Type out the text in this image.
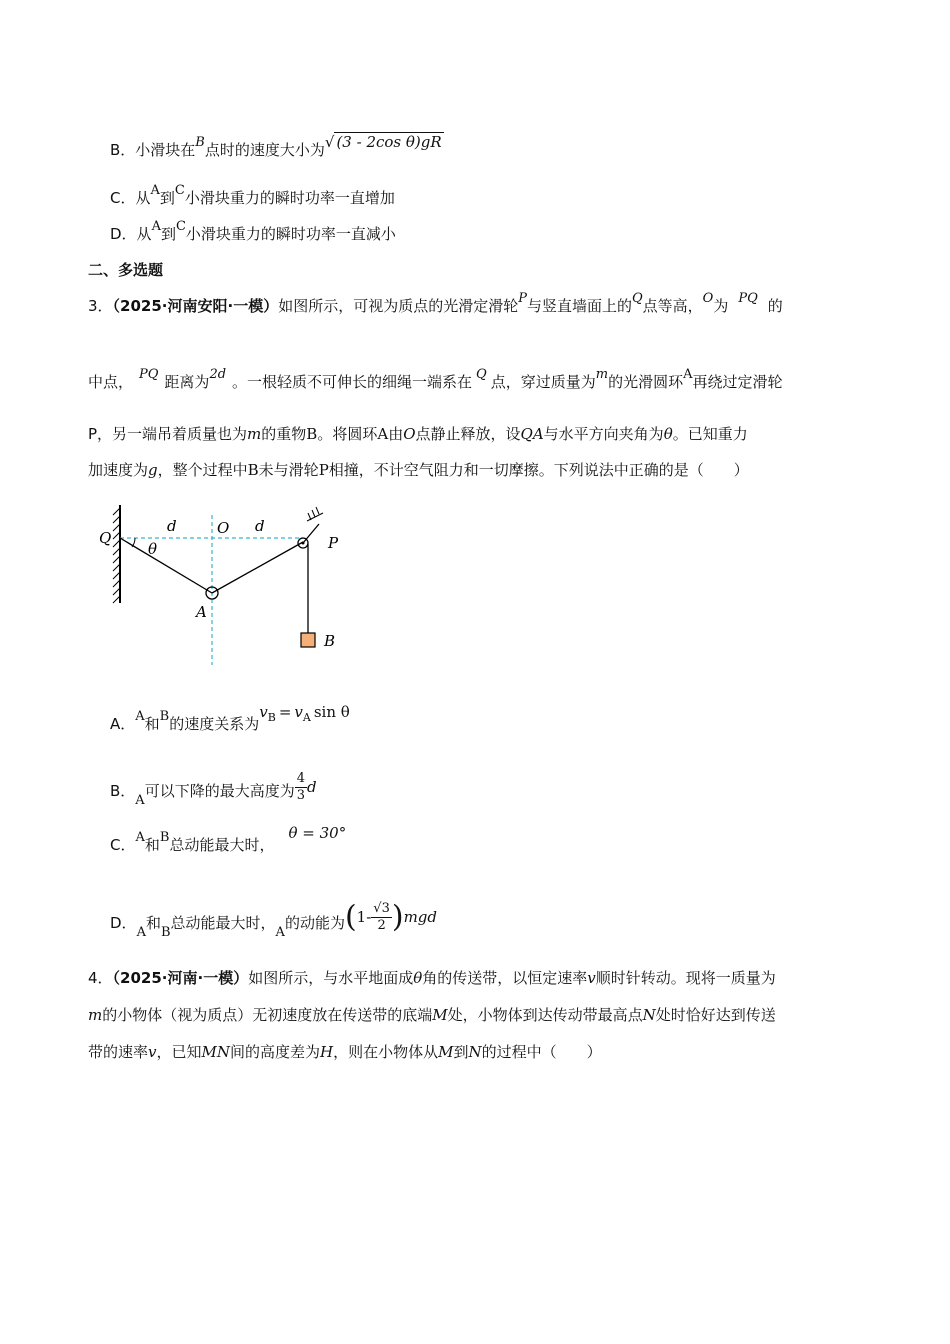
B．小滑块在B点时的速度大小为√ (3 - 2cos θ)gR
C．从A到C小滑块重力的瞬时功率一直增加
D．从A到C小滑块重力的瞬时功率一直减小
二、多选题
3．（2025·河南安阳·一模）如图所示，可视为质点的光滑定滑轮P与竖直墙面上的Q点等高，O为 PQ 的
中点， PQ 距离为2d 。一根轻质不可伸长的细绳一端系在 Q 点，穿过质量为m的光滑圆环A再绕过定滑轮
P，另一端吊着质量也为m的重物B。将圆环A由O点静止释放，设QA与水平方向夹角为θ。已知重力
加速度为g，整个过程中B未与滑轮P相撞，不计空气阻力和一切摩擦。下列说法中正确的是（　　）
Q
d	O d
P
θ
A
B
A．A和B的速度关系为$v_B = v_A$ sin θ
B．A可以下降的最大高度为 $\frac{4}{3}$ d
C．A和B总动能最大时，θ = 30°
D．A和B总动能最大时，A的动能为$(1- \frac{√3}{2} )mgd$
4．（2025·河南·一模）如图所示，与水平地面成θ角的传送带，以恒定速率v顺时针转动。现将一质量为
m的小物体（视为质点）无初速度放在传送带的底端M处，小物体到达传动带最高点N处时恰好达到传送
带的速率v，已知MN间的高度差为H，则在小物体从M到N的过程中（　　）
